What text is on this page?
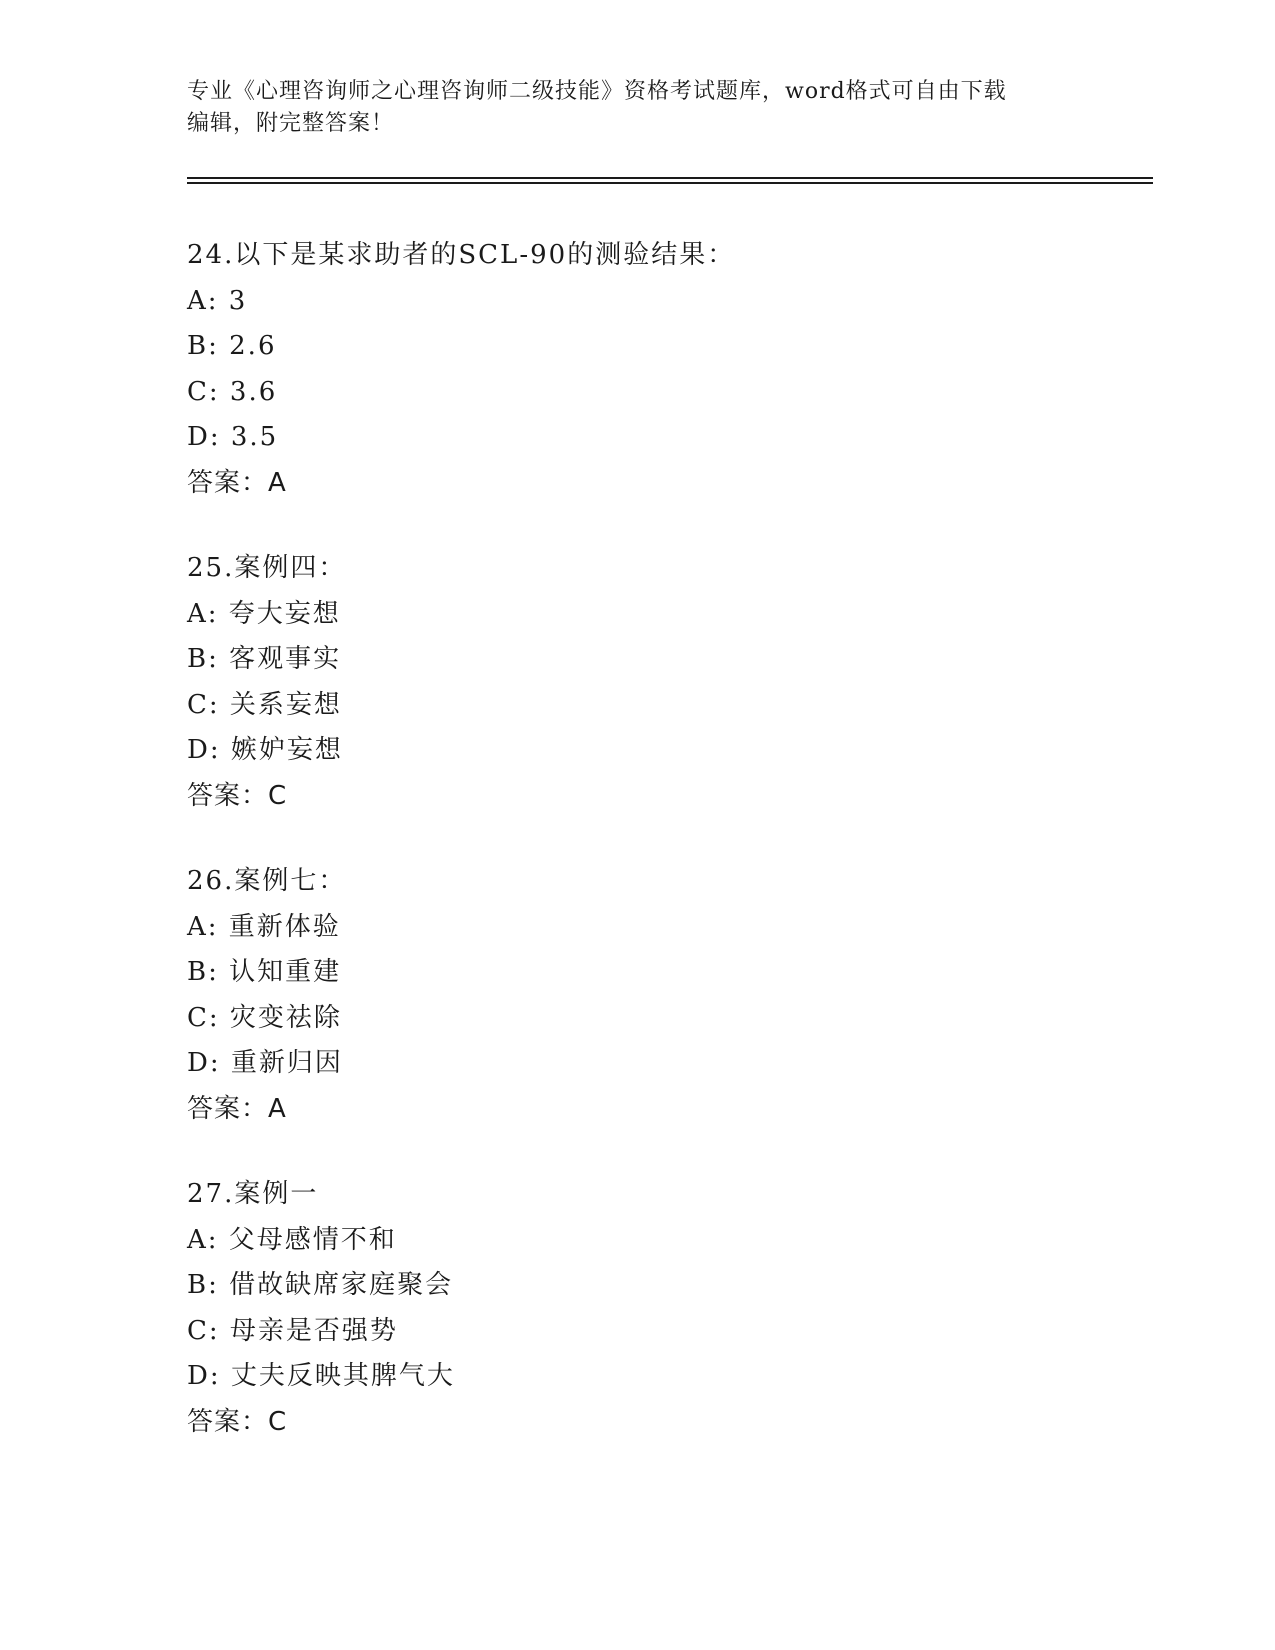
专业《心理咨询师之心理咨询师二级技能》资格考试题库，word格式可自由下载
编辑，附完整答案！
24.以下是某求助者的SCL-90的测验结果：
A: 3
B: 2.6
C: 3.6
D: 3.5
答案：A
25.案例四：
A: 夸大妄想
B: 客观事实
C: 关系妄想
D: 嫉妒妄想
答案：C
26.案例七：
A: 重新体验
B: 认知重建
C: 灾变祛除
D: 重新归因
答案：A
27.案例一
A: 父母感情不和
B: 借故缺席家庭聚会
C: 母亲是否强势
D: 丈夫反映其脾气大
答案：C
